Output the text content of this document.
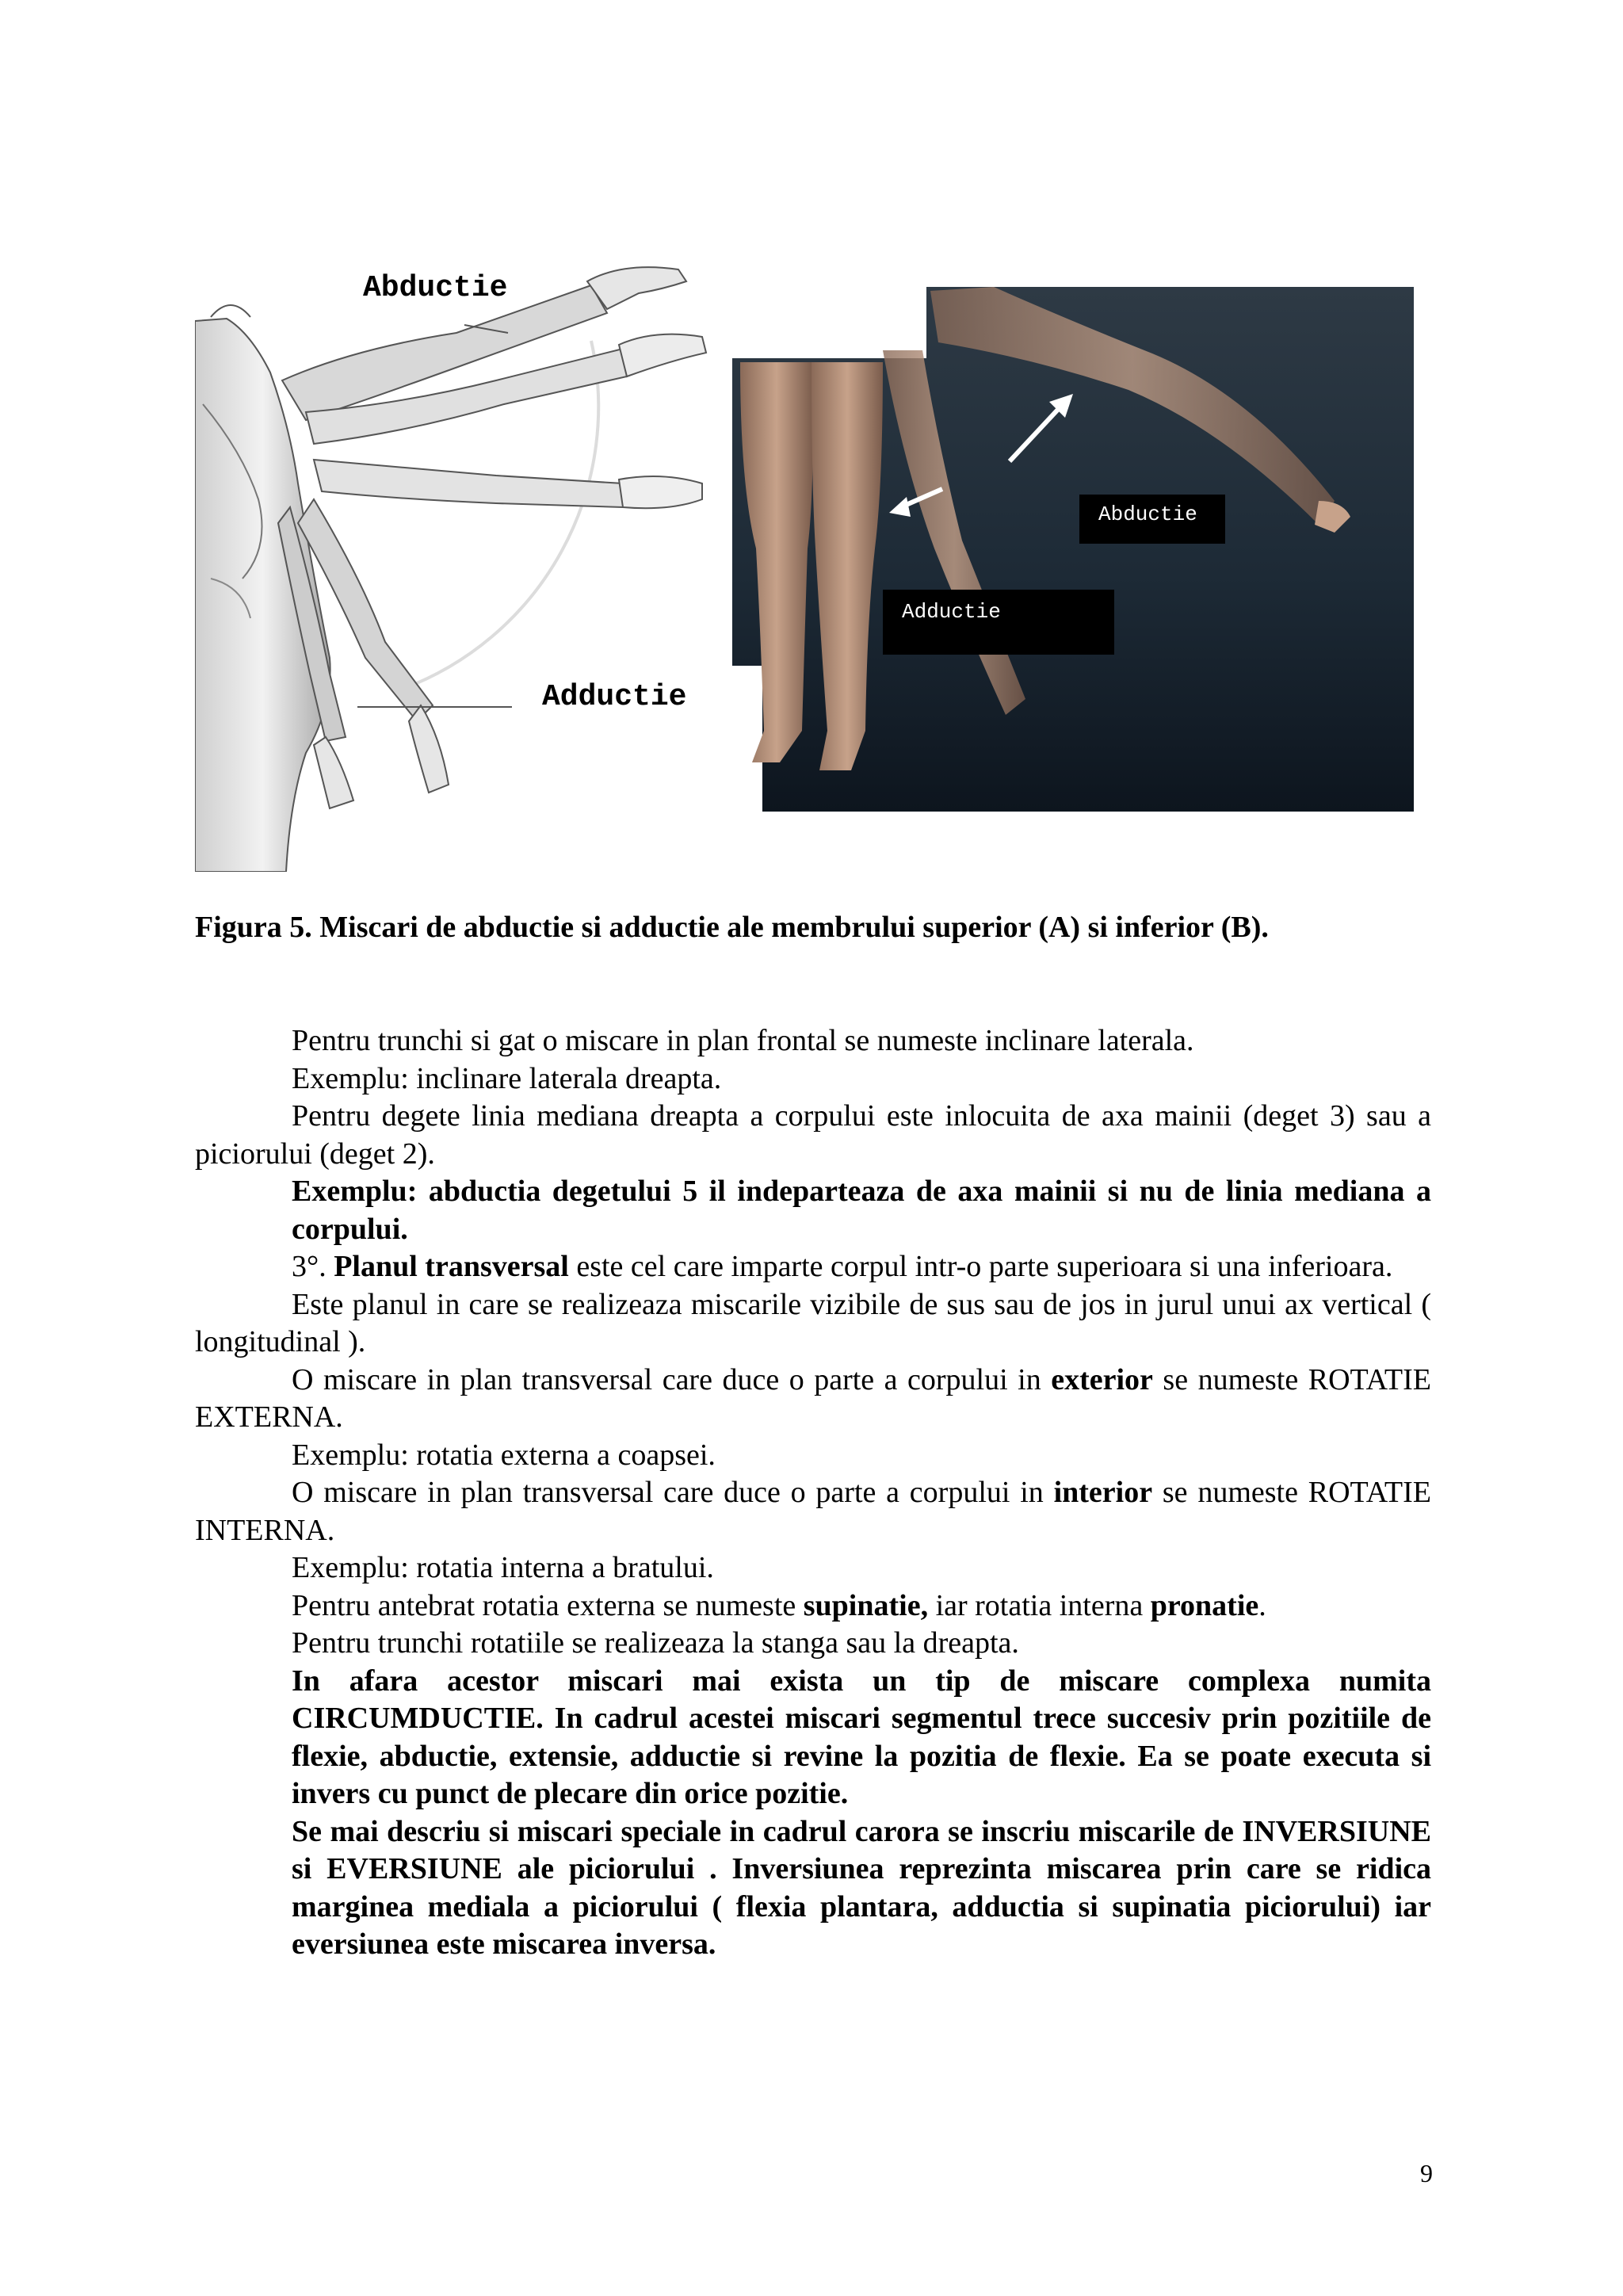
Abductie
Adductie
Abductie
Adductie
Figura 5. Miscari de abductie si adductie ale membrului superior (A) si inferior (B).

Pentru trunchi si gat o miscare in plan frontal se numeste inclinare laterala.

Exemplu: inclinare laterala dreapta.

Pentru degete linia mediana dreapta a corpului este inlocuita de axa mainii (deget 3) sau a piciorului (deget 2).

Exemplu: abductia degetului 5 il indeparteaza de axa mainii si nu de linia mediana a corpului.

3°. Planul transversal este cel care imparte corpul intr-o parte superioara si una inferioara.

Este planul in care se realizeaza miscarile vizibile de sus sau de jos in jurul unui ax vertical ( longitudinal ).

O miscare in plan transversal care duce o parte a corpului in exterior se numeste ROTATIE EXTERNA.

Exemplu: rotatia externa a coapsei.

O miscare in plan transversal care duce o parte a corpului in interior se numeste ROTATIE INTERNA.

Exemplu: rotatia interna a bratului.

Pentru antebrat rotatia externa se numeste supinatie, iar rotatia interna pronatie.

Pentru trunchi rotatiile se realizeaza la stanga sau la dreapta.

In afara acestor miscari mai exista un tip de miscare complexa numita CIRCUMDUCTIE. In cadrul acestei miscari segmentul trece succesiv prin pozitiile de flexie, abductie, extensie, adductie si revine la pozitia de flexie. Ea se poate executa si invers cu punct de plecare din orice pozitie.

Se mai descriu si miscari speciale in cadrul carora se inscriu miscarile de INVERSIUNE si EVERSIUNE ale piciorului . Inversiunea reprezinta miscarea prin care se ridica marginea mediala a piciorului ( flexia plantara, adductia si supinatia piciorului) iar eversiunea este miscarea inversa.

9
